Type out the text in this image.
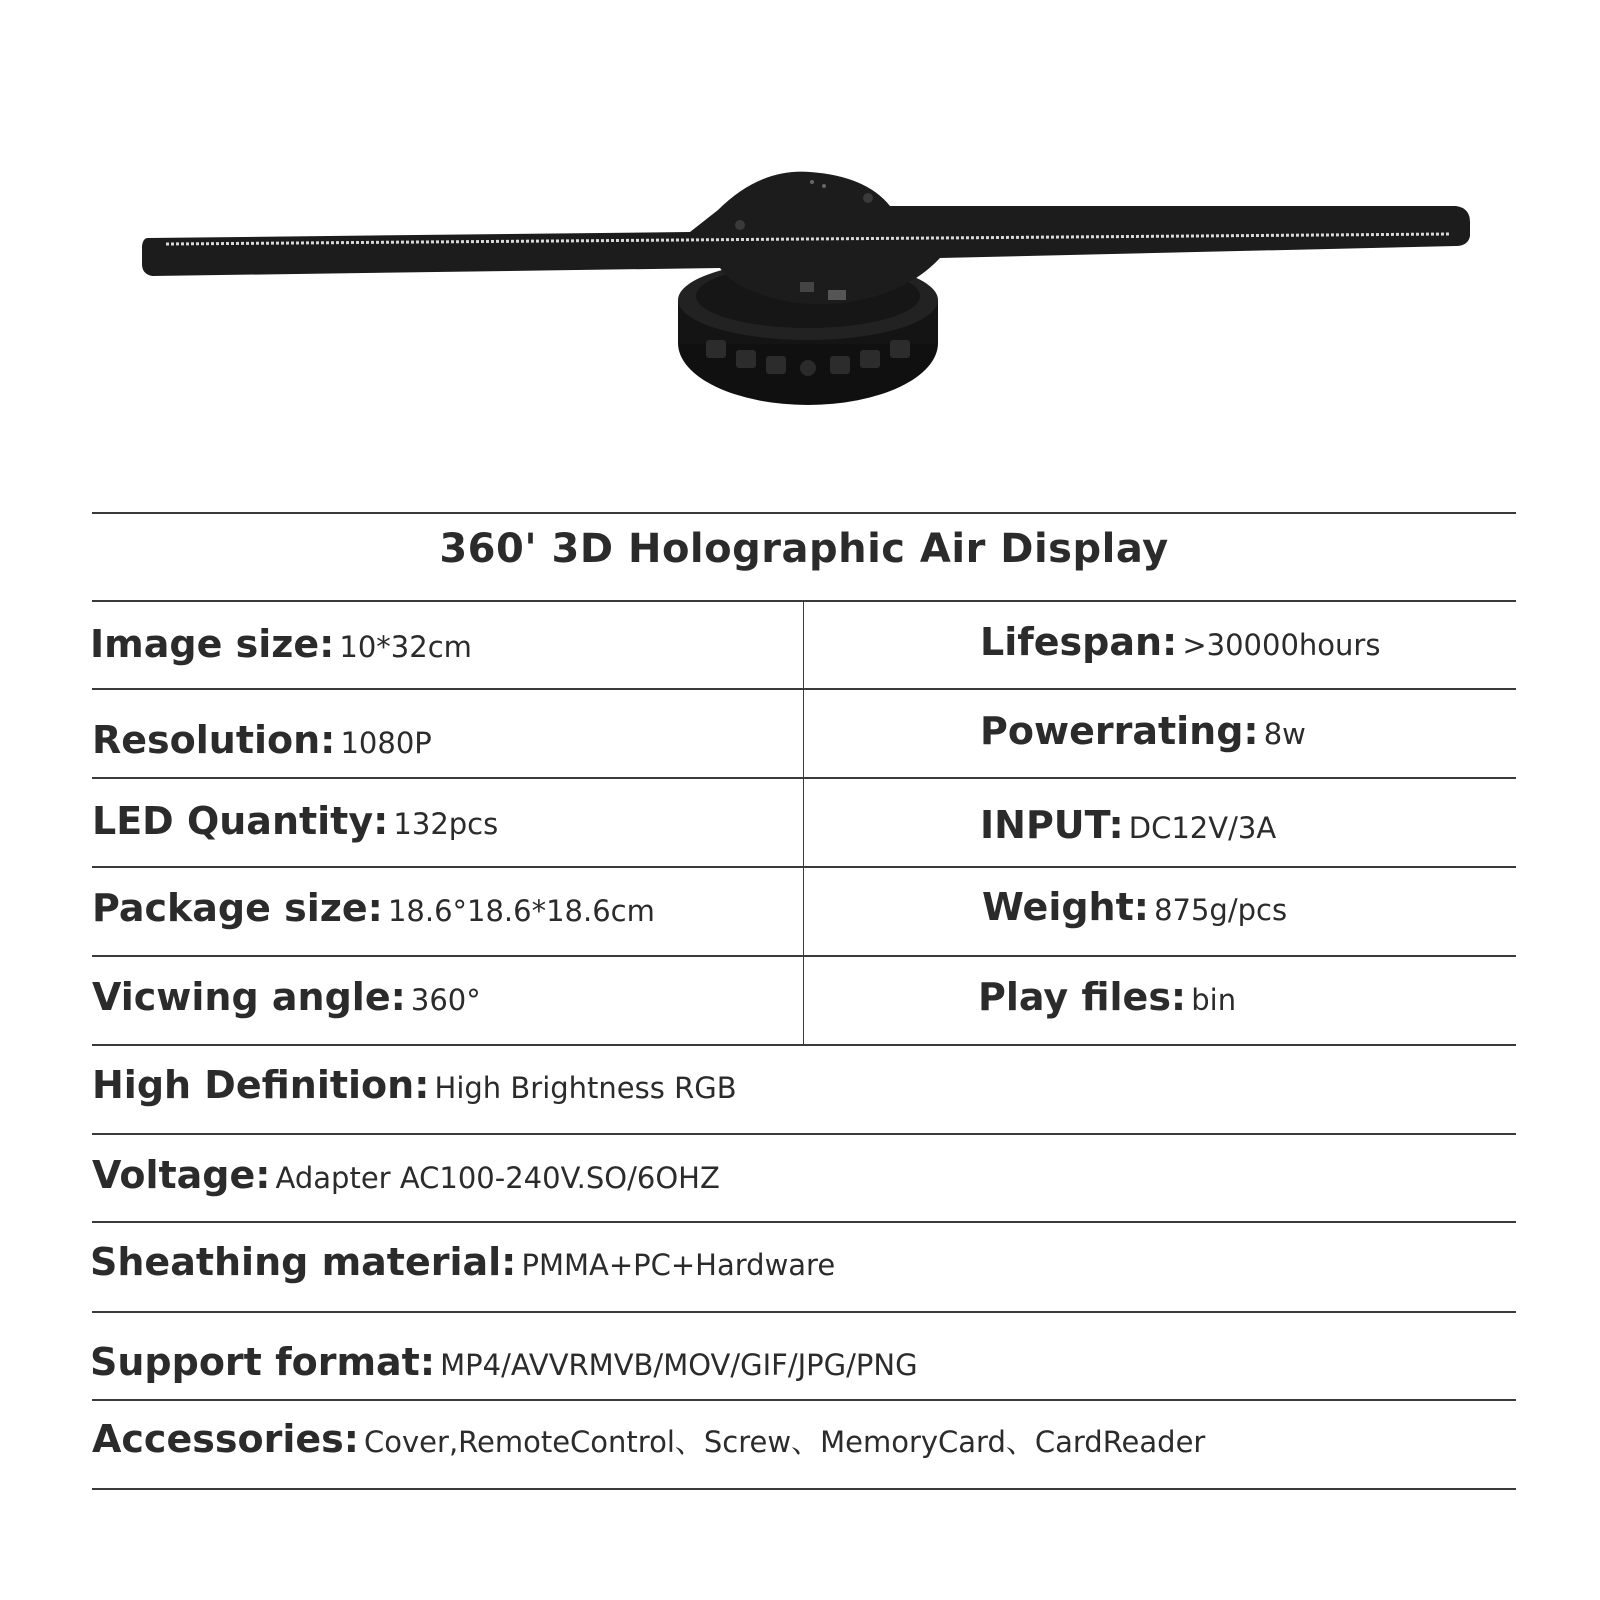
360' 3D Holographic Air Display
Image size: 10*32cm
Resolution: 1080P
LED Quantity: 132pcs
Package size: 18.6°18.6*18.6cm
Vicwing angle: 360°
Lifespan: >30000hours
Powerrating: 8w
INPUT: DC12V/3A
Weight: 875g/pcs
Play files: bin
High Definition: High Brightness RGB
Voltage: Adapter AC100-240V.SO/6OHZ
Sheathing material: PMMA+PC+Hardware
Support format: MP4/AVVRMVB/MOV/GIF/JPG/PNG
Accessories: Cover,RemoteControl、Screw、MemoryCard、CardReader
